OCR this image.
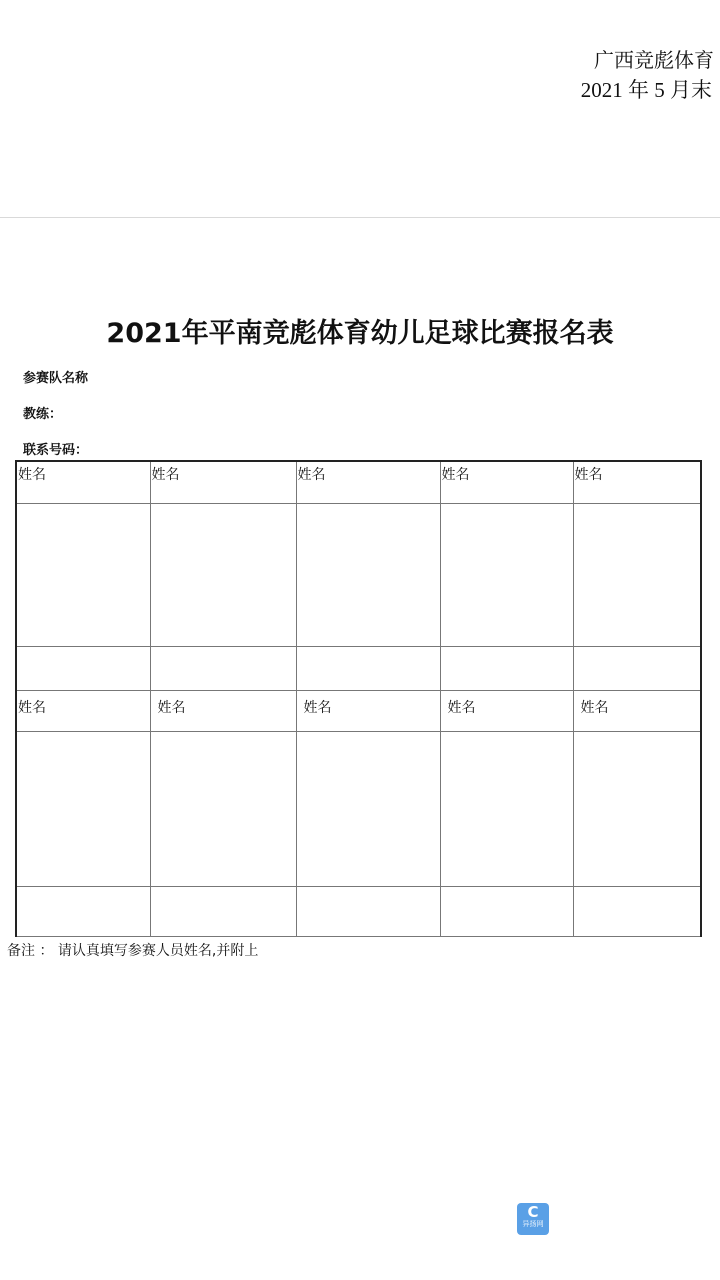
广西竞彪体育
2021 年 5 月末
2021年平南竞彪体育幼儿足球比赛报名表
参赛队名称
教练：
联系号码：
姓名	姓名	姓名	姓名	姓名

姓名	姓名	姓名	姓名	姓名

备注 ： 请认真填写参赛人员姓名,并附上
C
异扬网
